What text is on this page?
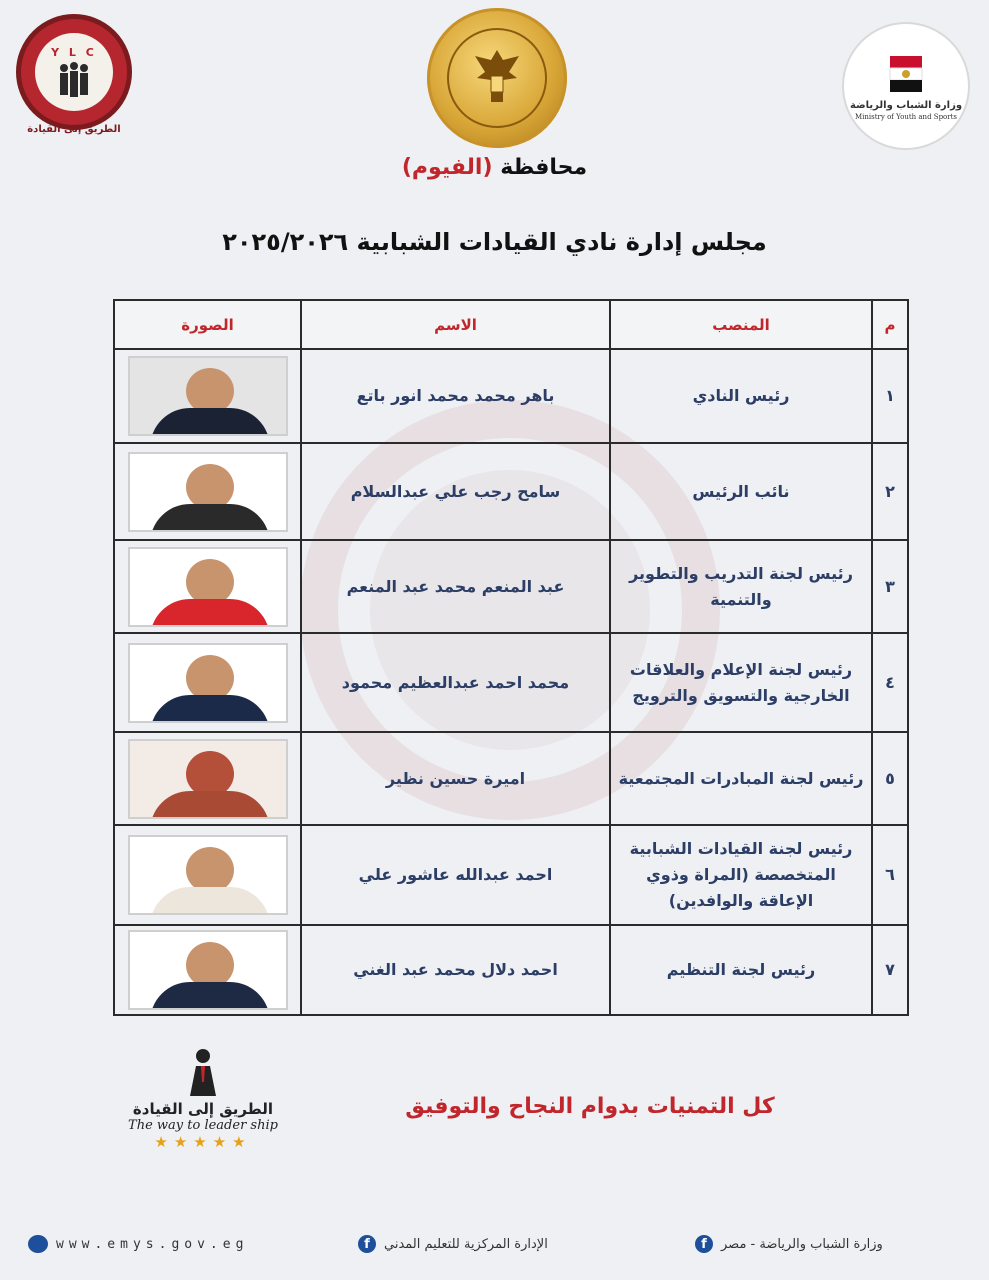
Y L C
الطريق إلى القيادة
وزارة الشباب والرياضة
Ministry of Youth and Sports
محافظة (الفيوم)
مجلس إدارة نادي القيادات الشبابية ٢٠٢٥/٢٠٢٦
م	المنصب	الاسم	الصورة
١	رئيس النادي	باهر محمد محمد انور باتع	

٢	نائب الرئيس	سامح رجب علي عبدالسلام	

٣	رئيس لجنة التدريب والتطوير والتنمية	عبد المنعم محمد عبد المنعم	

٤	رئيس لجنة الإعلام والعلاقات الخارجية والتسويق والترويج	محمد احمد عبدالعظيم محمود	

٥	رئيس لجنة المبادرات المجتمعية	اميرة حسين نظير	

٦	رئيس لجنة القيادات الشبابية المتخصصة (المراة وذوي الإعاقة والوافدين)	احمد عبدالله عاشور علي	

٧	رئيس لجنة التنظيم	احمد دلال محمد عبد الغني	
الطريق إلى القيادة
The way to leader ship
★★★★★
كل التمنيات بدوام النجاح والتوفيق
www.emys.gov.eg	الإدارة المركزية للتعليم المدني
f	وزارة الشباب والرياضة - مصر
f
